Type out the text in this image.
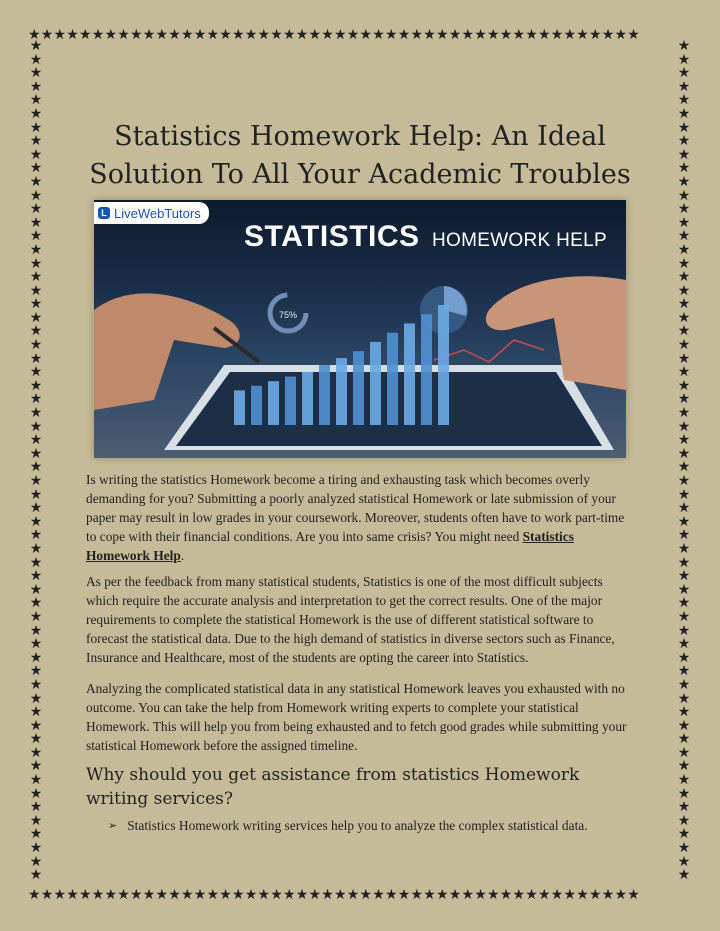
★★★★★★★★★★★★★★★★★★★★★★★★★★★★★★★★★★★★★★★★★★★★★★★★
★★★★★★★★★★★★★★★★★★★★★★★★★★★★★★★★★★★★★★★★★★★★★★★★
★
★
★
★
★
★
★
★
★
★
★
★
★
★
★
★
★
★
★
★
★
★
★
★
★
★
★
★
★
★
★
★
★
★
★
★
★
★
★
★
★
★
★
★
★
★
★
★
★
★
★
★
★
★
★
★
★
★
★
★
★
★
★
★
★
★
★
★
★
★
★
★
★
★
★
★
★
★
★
★
★
★
★
★
★
★
★
★
★
★
★
★
★
★
★
★
★
★
★
★
★
★
★
★
★
★
★
★
★
★
★
★
★
★
★
★
★
★
★
★
★
★
★
★
Statistics Homework Help: An Ideal
Solution To All Your Academic Troubles
L LiveWebTutors
STATISTICS HOMEWORK HELP
75%

Is writing the statistics Homework become a tiring and exhausting task which becomes overly demanding for you? Submitting a poorly analyzed statistical Homework or late submission of your paper may result in low grades in your coursework. Moreover, students often have to work part-time to cope with their financial conditions. Are you into same crisis? You might need Statistics Homework Help.

As per the feedback from many statistical students, Statistics is one of the most difficult subjects which require the accurate analysis and interpretation to get the correct results. One of the major requirements to complete the statistical Homework is the use of different statistical software to forecast the statistical data. Due to the high demand of statistics in diverse sectors such as Finance, Insurance and Healthcare, most of the students are opting the career into Statistics.

Analyzing the complicated statistical data in any statistical Homework leaves you exhausted with no outcome. You can take the help from Homework writing experts to complete your statistical Homework. This will help you from being exhausted and to fetch good grades while submitting your statistical Homework before the assigned timeline.

Why should you get assistance from statistics Homework writing services?
➢ Statistics Homework writing services help you to analyze the complex statistical data.
